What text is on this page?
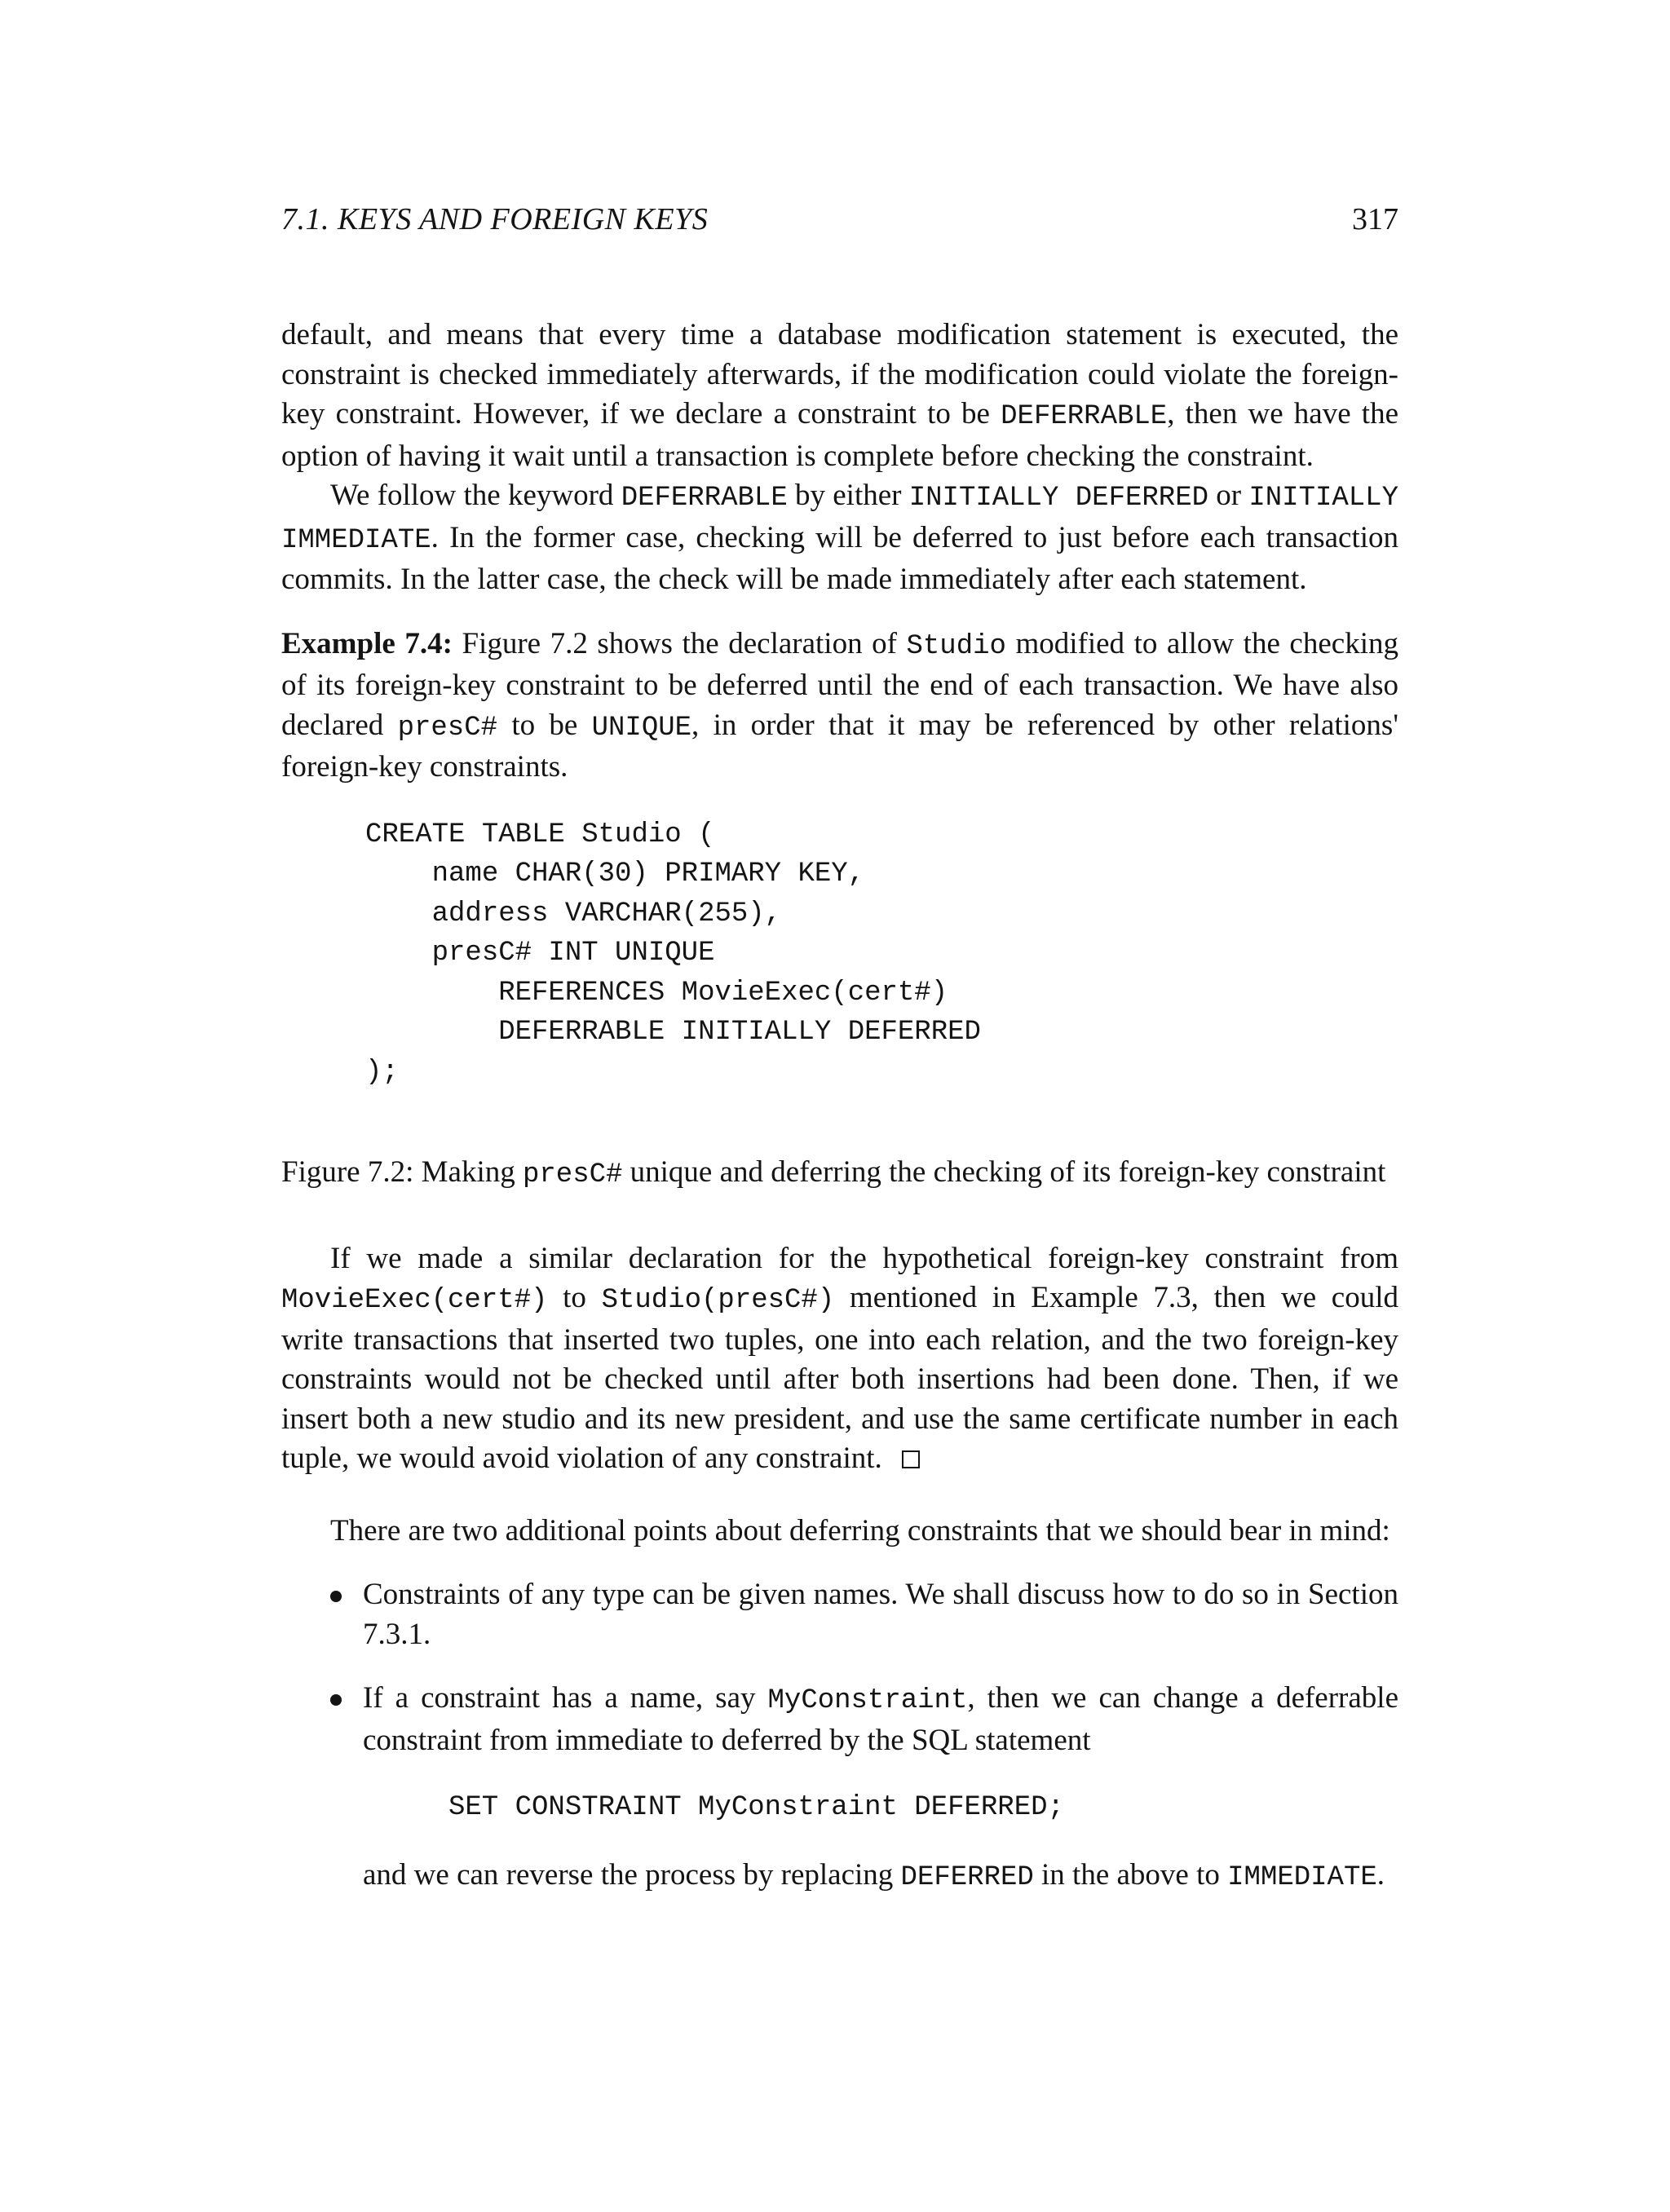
7.1. KEYS AND FOREIGN KEYS	317

default, and means that every time a database modification statement is executed, the constraint is checked immediately afterwards, if the modification could violate the foreign-key constraint. However, if we declare a constraint to be DEFERRABLE, then we have the option of having it wait until a transaction is complete before checking the constraint.

We follow the keyword DEFERRABLE by either INITIALLY DEFERRED or INITIALLY IMMEDIATE. In the former case, checking will be deferred to just before each transaction commits. In the latter case, the check will be made immediately after each statement.

Example 7.4: Figure 7.2 shows the declaration of Studio modified to allow the checking of its foreign-key constraint to be deferred until the end of each transaction. We have also declared presC# to be UNIQUE, in order that it may be referenced by other relations' foreign-key constraints.

CREATE TABLE Studio (
name CHAR(30) PRIMARY KEY,
address VARCHAR(255),
presC# INT UNIQUE
REFERENCES MovieExec(cert#)
DEFERRABLE INITIALLY DEFERRED
);

Figure 7.2: Making presC# unique and deferring the checking of its foreign-key constraint

If we made a similar declaration for the hypothetical foreign-key constraint from MovieExec(cert#) to Studio(presC#) mentioned in Example 7.3, then we could write transactions that inserted two tuples, one into each relation, and the two foreign-key constraints would not be checked until after both insertions had been done. Then, if we insert both a new studio and its new president, and use the same certificate number in each tuple, we would avoid violation of any constraint.

There are two additional points about deferring constraints that we should bear in mind:

Constraints of any type can be given names. We shall discuss how to do so in Section 7.3.1.
If a constraint has a name, say MyConstraint, then we can change a deferrable constraint from immediate to deferred by the SQL statement
SET CONSTRAINT MyConstraint DEFERRED;
and we can reverse the process by replacing DEFERRED in the above to IMMEDIATE.
